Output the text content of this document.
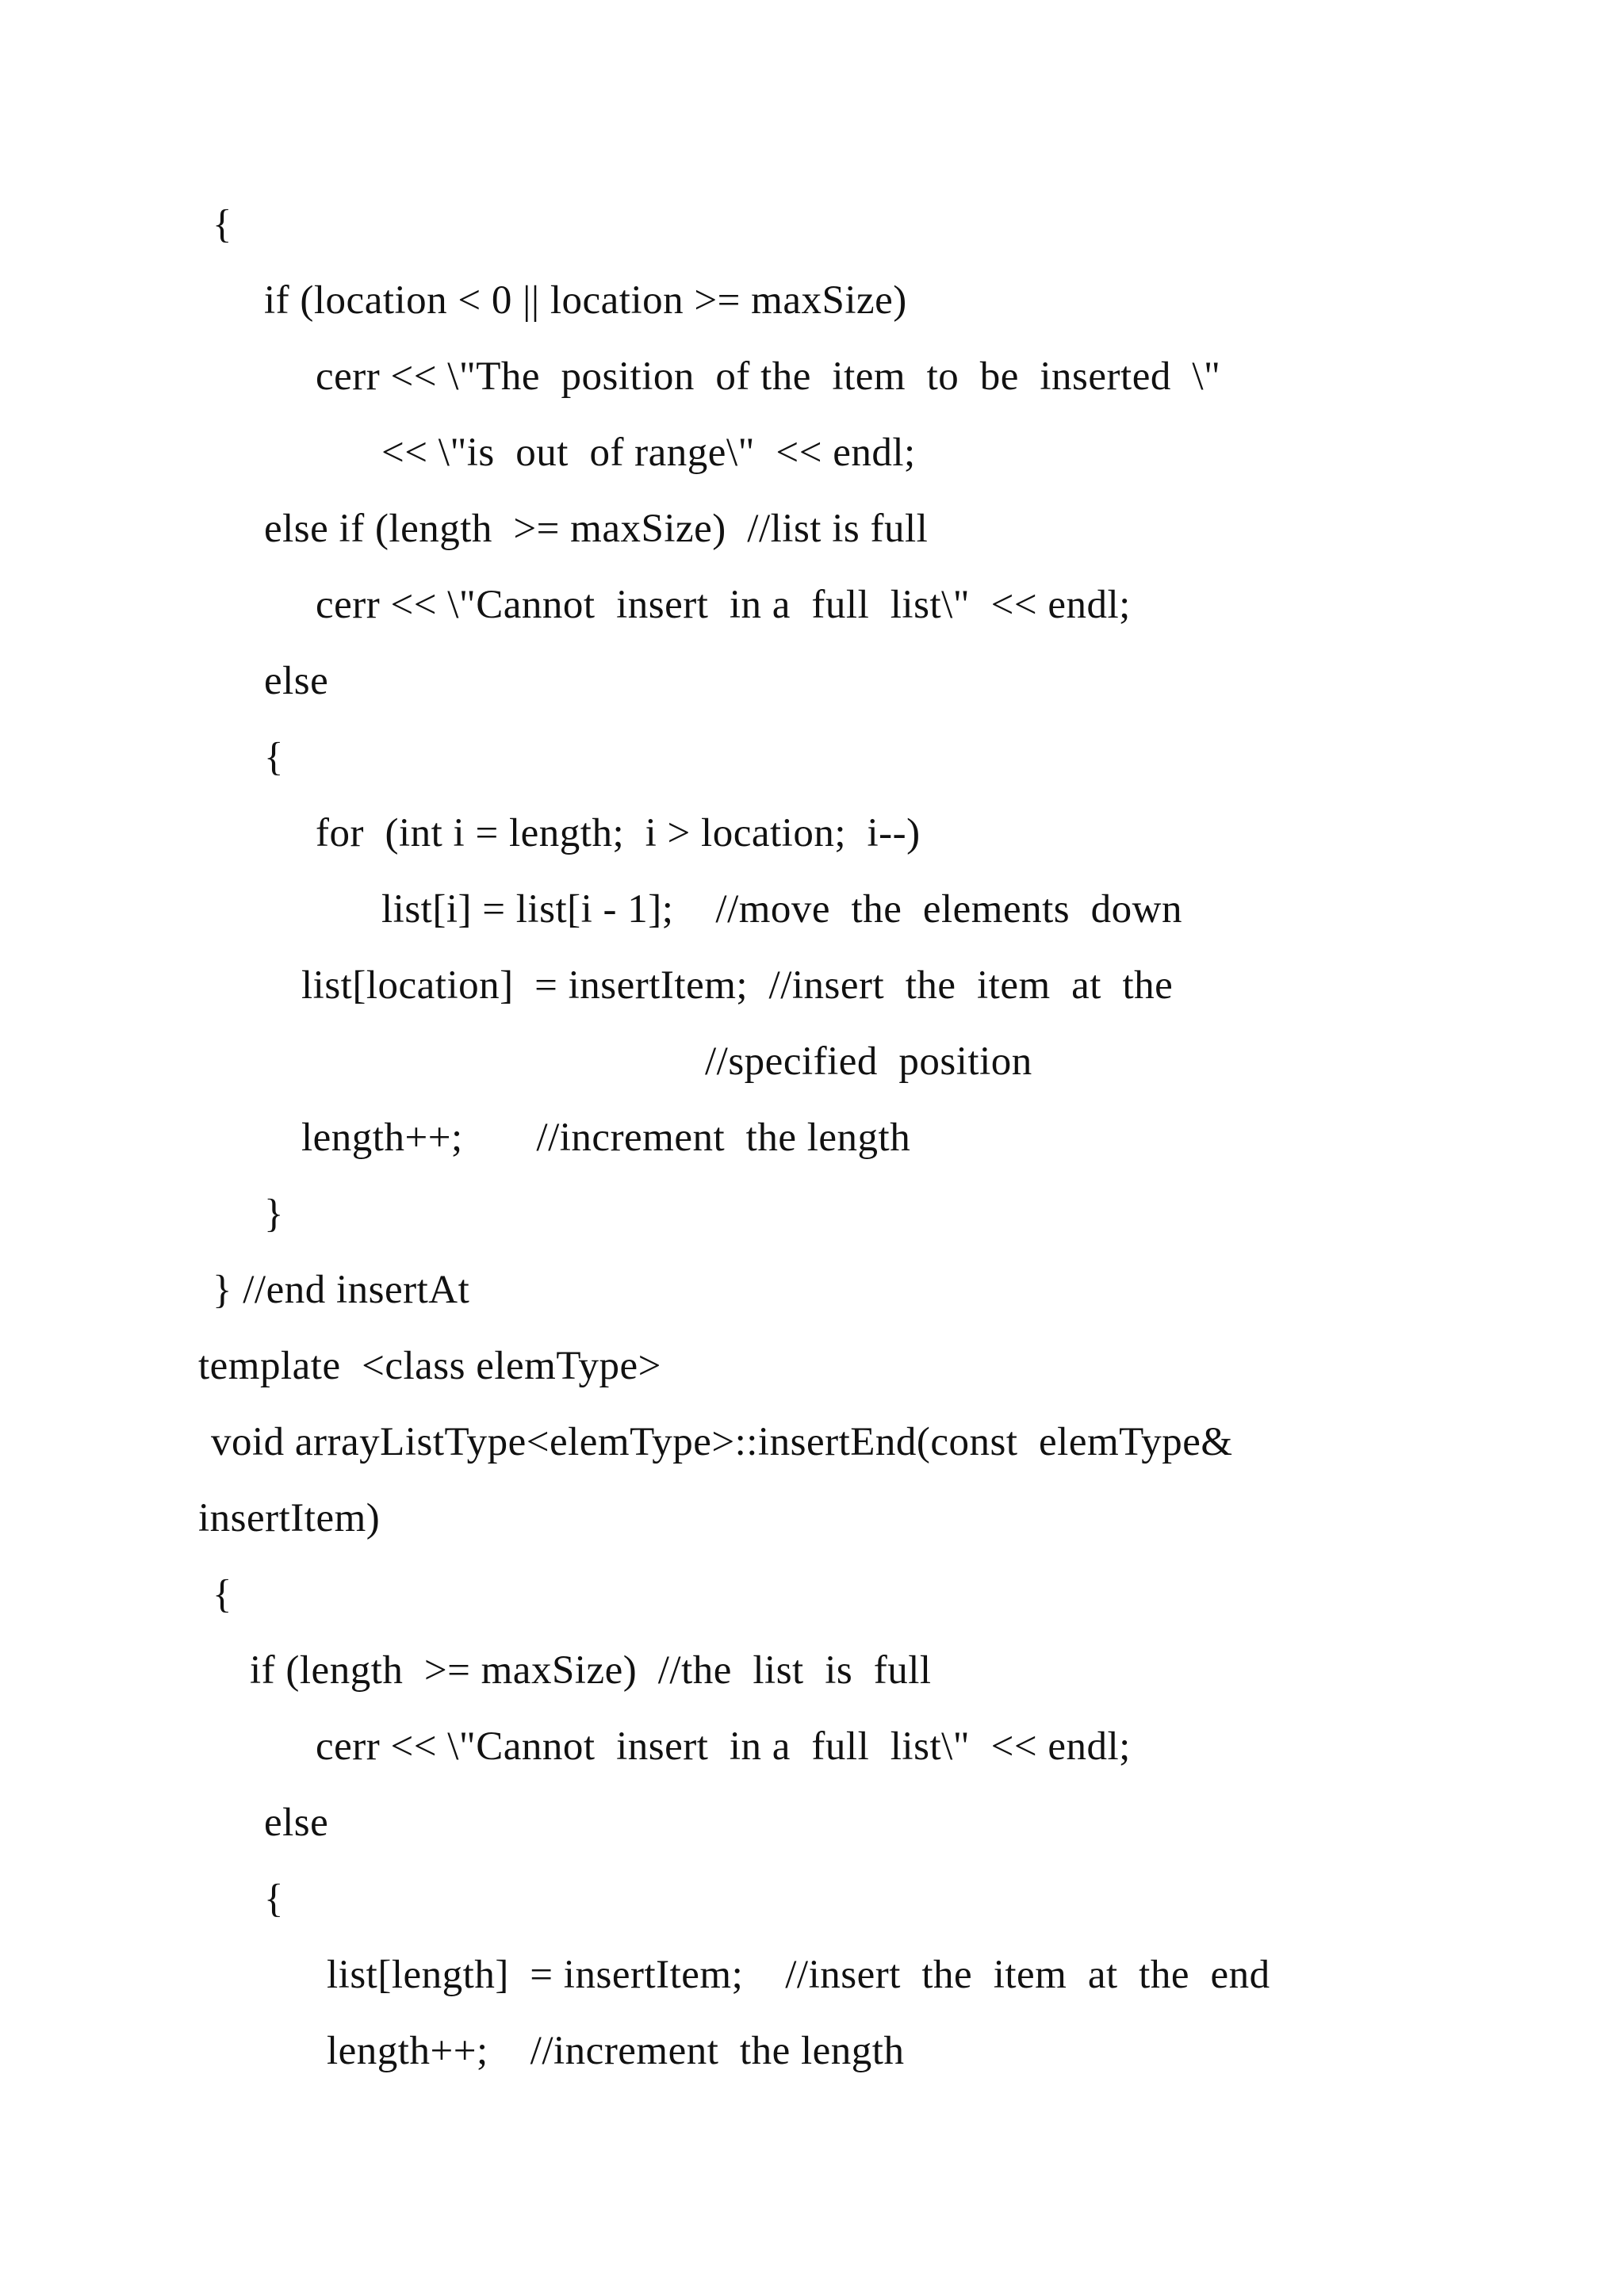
{
if (location < 0 || location >= maxSize)
cerr << \"The  position  of the  item  to  be  inserted  \"
<< \"is  out  of range\"  << endl;
else if (length  >= maxSize)  //list is full
cerr << \"Cannot  insert  in a  full  list\"  << endl;
else
{
for  (int i = length;  i > location;  i--)
list[i] = list[i - 1];    //move  the  elements  down
list[location]  = insertItem;  //insert  the  item  at  the
//specified  position
length++;       //increment  the length
}
} //end insertAt
template  <class elemType>
void arrayListType<elemType>::insertEnd(const  elemType&
insertItem)
{
if (length  >= maxSize)  //the  list  is  full
cerr << \"Cannot  insert  in a  full  list\"  << endl;
else
{
list[length]  = insertItem;    //insert  the  item  at  the  end
length++;    //increment  the length
